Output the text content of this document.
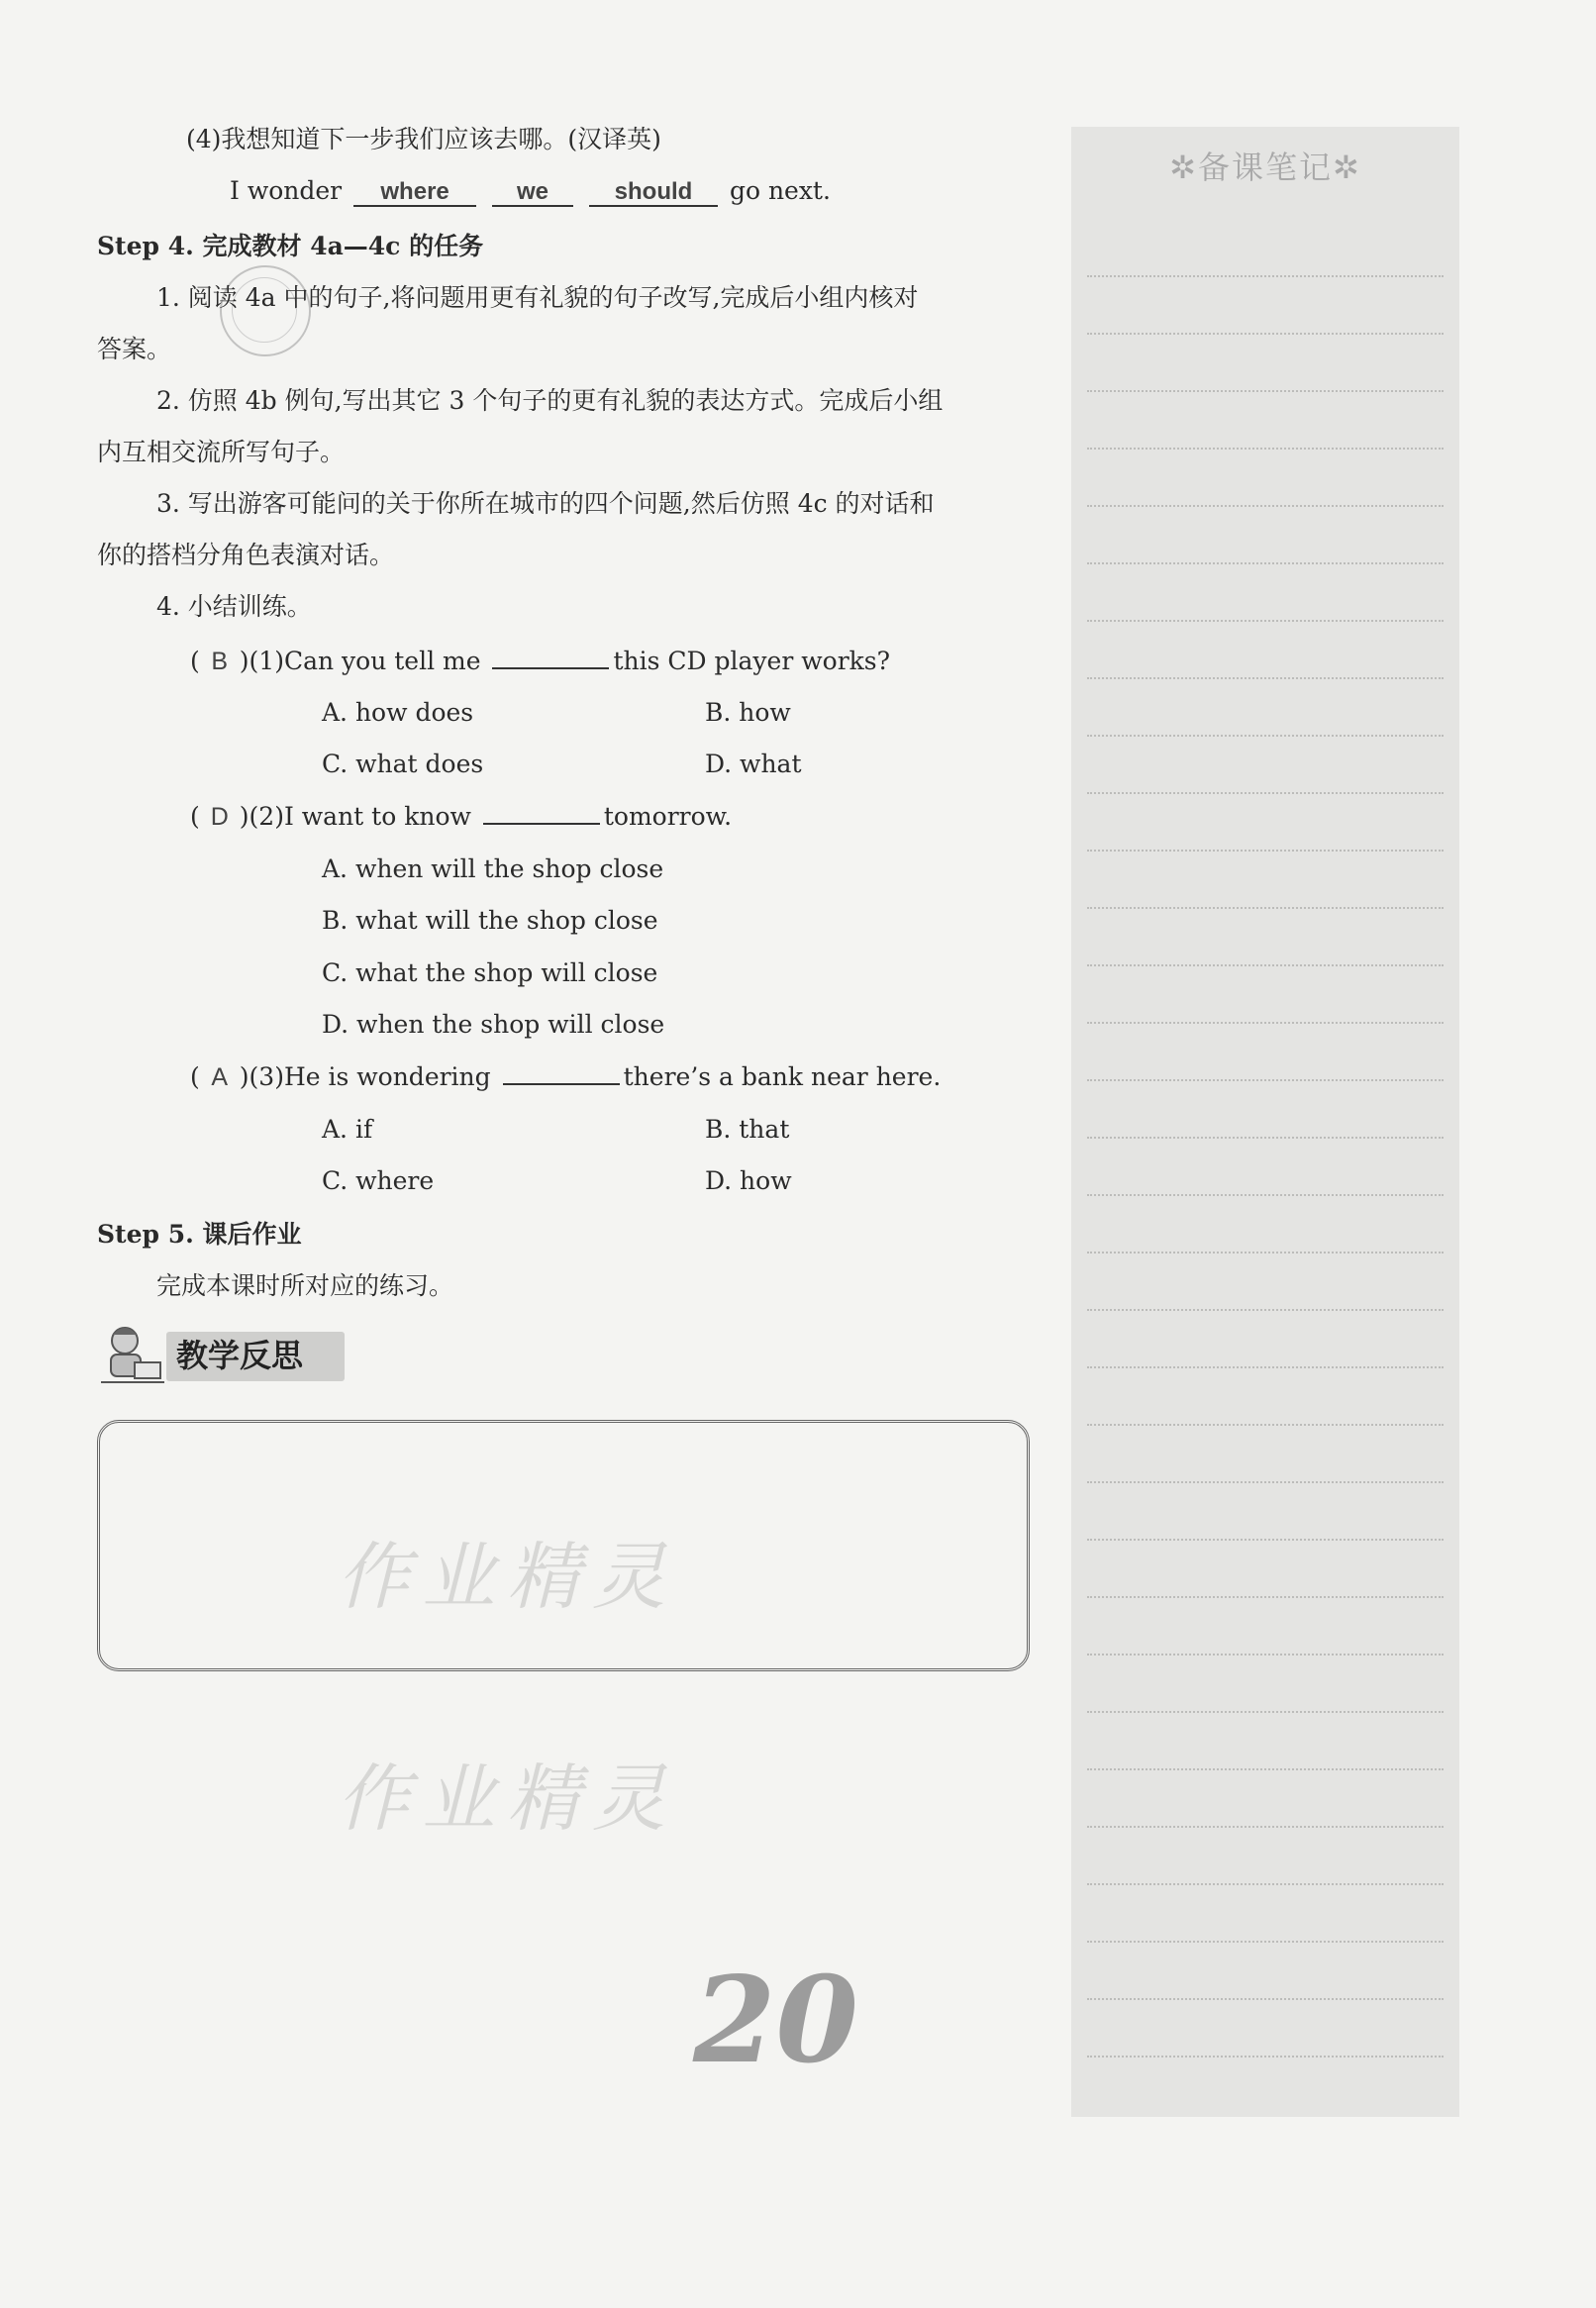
✲备课笔记✲
(4)我想知道下一步我们应该去哪。(汉译英)
I wonder where	we	should go next.
Step 4. 完成教材 4a—4c 的任务
1. 阅读 4a 中的句子,将问题用更有礼貌的句子改写,完成后小组内核对
答案。
2. 仿照 4b 例句,写出其它 3 个句子的更有礼貌的表达方式。完成后小组
内互相交流所写句子。
3. 写出游客可能问的关于你所在城市的四个问题,然后仿照 4c 的对话和
你的搭档分角色表演对话。
4. 小结训练。
( B )(1)Can you tell me	this CD player works?
A. how does	B. how
C. what does	D. what
( D )(2)I want to know	tomorrow.
A. when will the shop close
B. what will the shop close
C. what the shop will close
D. when the shop will close
( A )(3)He is wondering	there’s a bank near here.
A. if	B. that
C. where	D. how
Step 5. 课后作业
完成本课时所对应的练习。
教学反思
作业精灵
作业精灵
20
